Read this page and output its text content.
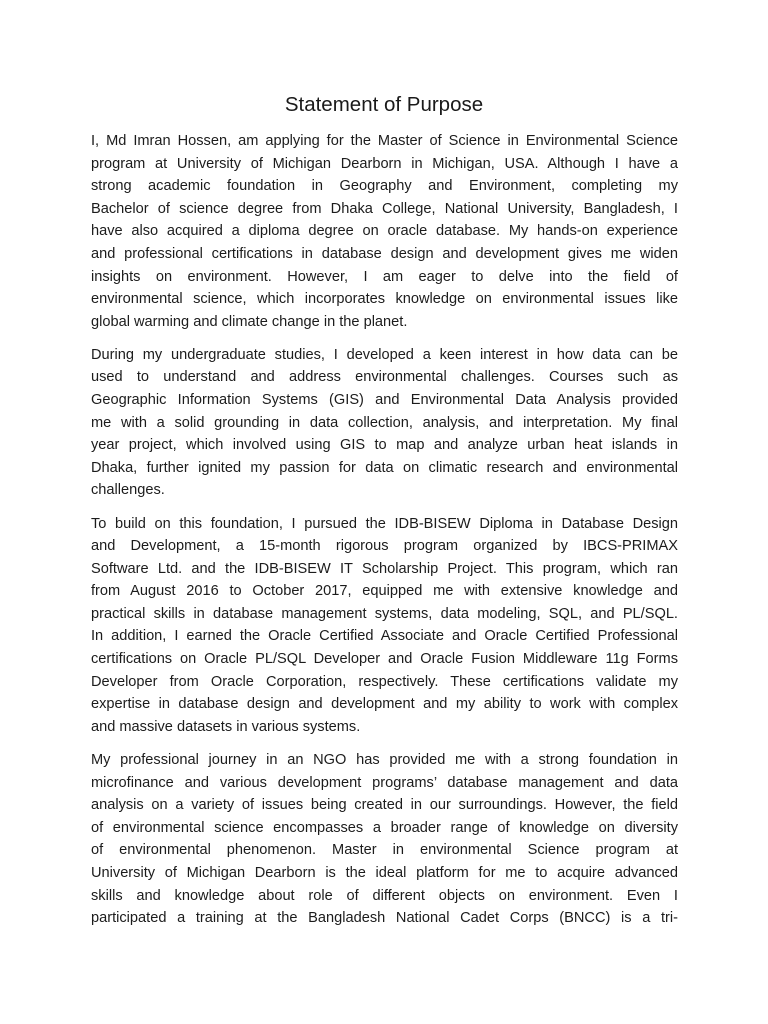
Statement of Purpose
I, Md Imran Hossen, am applying for the Master of Science in Environmental Science
program at University of Michigan Dearborn in Michigan, USA. Although I have a
strong academic foundation in Geography and Environment, completing my
Bachelor of science degree from Dhaka College, National University, Bangladesh, I
have also acquired a diploma degree on oracle database. My hands-on experience
and professional certifications in database design and development gives me widen
insights on environment. However, I am eager to delve into the field of
environmental science, which incorporates knowledge on environmental issues like
global warming and climate change in the planet.
During my undergraduate studies, I developed a keen interest in how data can be
used to understand and address environmental challenges. Courses such as
Geographic Information Systems (GIS) and Environmental Data Analysis provided
me with a solid grounding in data collection, analysis, and interpretation. My final
year project, which involved using GIS to map and analyze urban heat islands in
Dhaka, further ignited my passion for data on climatic research and environmental
challenges.
To build on this foundation, I pursued the IDB-BISEW Diploma in Database Design
and Development, a 15-month rigorous program organized by IBCS-PRIMAX
Software Ltd. and the IDB-BISEW IT Scholarship Project. This program, which ran
from August 2016 to October 2017, equipped me with extensive knowledge and
practical skills in database management systems, data modeling, SQL, and PL/SQL.
In addition, I earned the Oracle Certified Associate and Oracle Certified Professional
certifications on Oracle PL/SQL Developer and Oracle Fusion Middleware 11g Forms
Developer from Oracle Corporation, respectively. These certifications validate my
expertise in database design and development and my ability to work with complex
and massive datasets in various systems.
My professional journey in an NGO has provided me with a strong foundation in
microfinance and various development programs’ database management and data
analysis on a variety of issues being created in our surroundings. However, the field
of environmental science encompasses a broader range of knowledge on diversity
of environmental phenomenon. Master in environmental Science program at
University of Michigan Dearborn is the ideal platform for me to acquire advanced
skills and knowledge about role of different objects on environment. Even I
participated a training at the Bangladesh National Cadet Corps (BNCC) is a tri-
